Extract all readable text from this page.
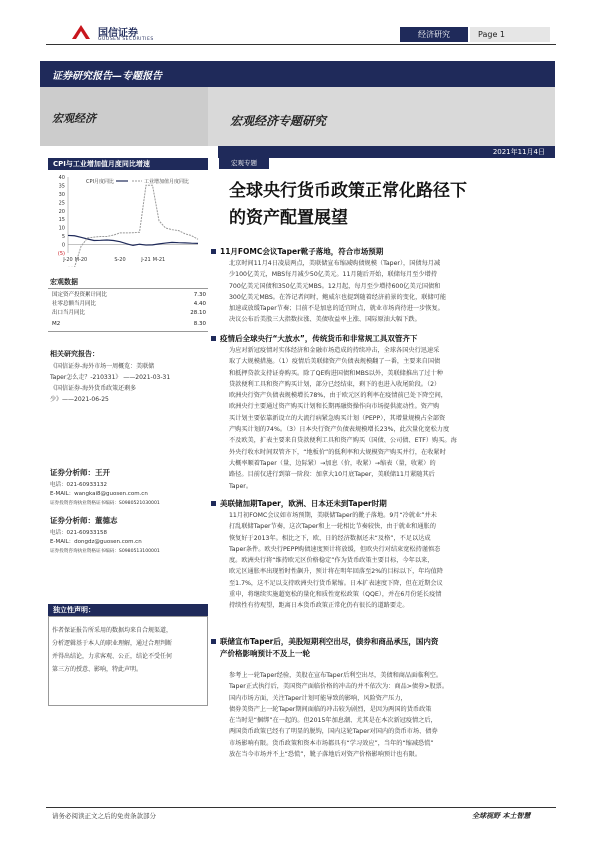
国信证券
GUOSEN SECURITIES
经济研究	Page 1
证券研究报告—专题报告
宏观经济	宏观经济专题研究
2021年11月4日
CPI与工业增加值月度同比增速
40
35
30
25
20
15
10
5
0
(5)
J-20 M-20	S-20	J-21 M-21
CPI月度同比	工业增加值月度同比
宏观数据
国定资产投资累计同比	7.30
社零总额当月同比	4.40
出口当月同比	28.10
M2	8.30
相关研究报告：
《国信证券-海外市场一周概览：美联储
Taper怎么走？-210331》 ——2021-03-31
《国信证券-海外货币政策还剩多
少》——2021-06-25
证券分析师：王开
电话：021-60933132
E-MAIL：wangkai8@guosen.com.cn
证券投资咨询执业资格证书编码：S0980521030001
证券分析师：董德志
电话：021-60933158
E-MAIL：dongdz@guosen.com.cn
证券投资咨询执业资格证书编码：S0980513100001
独立性声明：
作者保证报告所采用的数据均来自合规渠道，
分析逻辑基于本人的职业理解，通过合理判断
并得出结论，力求客观、公正，结论不受任何
第三方的授意、影响，特此声明。
宏观专题
全球央行货币政策正常化路径下
的资产配置展望
11月FOMC会议Taper靴子落地，符合市场预期
北京时间11月4日凌晨两点，美联储宣布缩减购债规模（Taper），国债每月减
少100亿美元，MBS每月减少50亿美元。11月随后开始，联储每月至少增持
700亿美元国债和350亿美元MBS。12月起，每月至少增持600亿美元国债和
300亿美元MBS。在答记者问时，鲍威尔也提到随着经济前景的变化，联储可能
加速或放缓Taper节奏；目前不是加息的适宜时点，就业市场尚待进一步恢复。
决议公布后美股三大指数拉涨、美债收益率上涨、国际原油大幅下跌。
疫情后全球央行“大放水”，传统货币和非常规工具双管齐下
为应对新冠疫情对实体经济和金融市场造成的持续冲击，全球各国央行迅速采
取了大规模措施。（1）疫情后美联储资产负债表规模翻了一番，主要来自国债
和抵押贷款支持证券购买。除了QE购进国债和MBS以外，美联储推出了过十种
贷款便利工具和资产购买计划，部分已经结束，剩下的也进入收尾阶段。（2）
欧洲央行资产负债表规模增长78%，由于欧元区的利率在疫情前已处下降空间，
欧洲央行主要通过资产购买计划和长期再融资操作向市场提供流动性。资产购
买计划主要依靠新设立的大流行病紧急购买计划（PEPP），其增量规模占全部资
产购买计划的74%。（3）日本央行资产负债表规模增长23%，此次量化宽松力度
不及欧美，扩表主要来自贷款便利工具和资产购买（国债、公司债、ETF）购买。海
外央行收水时间双管齐下，“地板价”的低利率和大规模资产购买并行，在收紧时
大概率顺着Taper（量，边际紧）→加息（价，收紧）→缩表（量，收紧）的
路径。目前仅进行到第一阶段：加拿大10月底Taper，美联储11月紧随其后
Taper。
美联储加期Taper，欧洲、日本还未到Taper时期
11月初FOMC会议如市场预期，美联储Taper的靴子落地。9月“冷就业”并未
打乱联储Taper节奏，这次Taper和上一轮相比节奏较快，由于就业和通胀的
恢复好于2013年。相比之下，欧、日的经济数据还未“及格”，不足以达成
Taper条件。欧央行PEPP购债速度预计将放缓，但欧央行对结束宽松持谨慎态
度。欧洲央行将“维持欧元区价格稳定”作为货币政策主要目标，今年以来，
欧元区通胀率出现暂时性飙升，预计将在明年回落至2%的目标以下，年均值降
至1.7%，这不足以支持欧洲央行货币紧缩。日本扩表速度下降，但在近期会议
重申，将继续实施超宽松的量化和质性宽松政策（QQE），并在6月份延长疫情
持续性有待观望，距离日本货币政策正常化仍有很长的道路要走。
联储宣布Taper后，美股短期利空出尽，债券和商品承压，国内资
产价格影响预计不及上一轮
参考上一轮Taper经验，美股在宣布Taper后利空出尽，美债和商品面临利空。
Taper正式执行后，美国资产面临价格的冲击的并不依次为：商品>债券>股票。
国内市场方面，关注Taper计划可能导致的影响，风险资产压力，
债券美资产上一轮Taper期间面临的冲击较为剧烈，是因为两国的货币政策
在当时是“捆绑”在一起的。但2015年加息潮、尤其是在本次新冠疫情之后，
两国货币政策已经有了明显的脱钩，国内这轮Taper对国内的货币市场、债券
市场影响有限。货币政策和资本市场都具有“学习效应”，当年的“缩减恐慌”
放在当今市场并不上“恐慌”，靴子落地后对资产价格影响预计也有限。
请务必阅读正文之后的免责条款部分	全球视野 本土智慧
